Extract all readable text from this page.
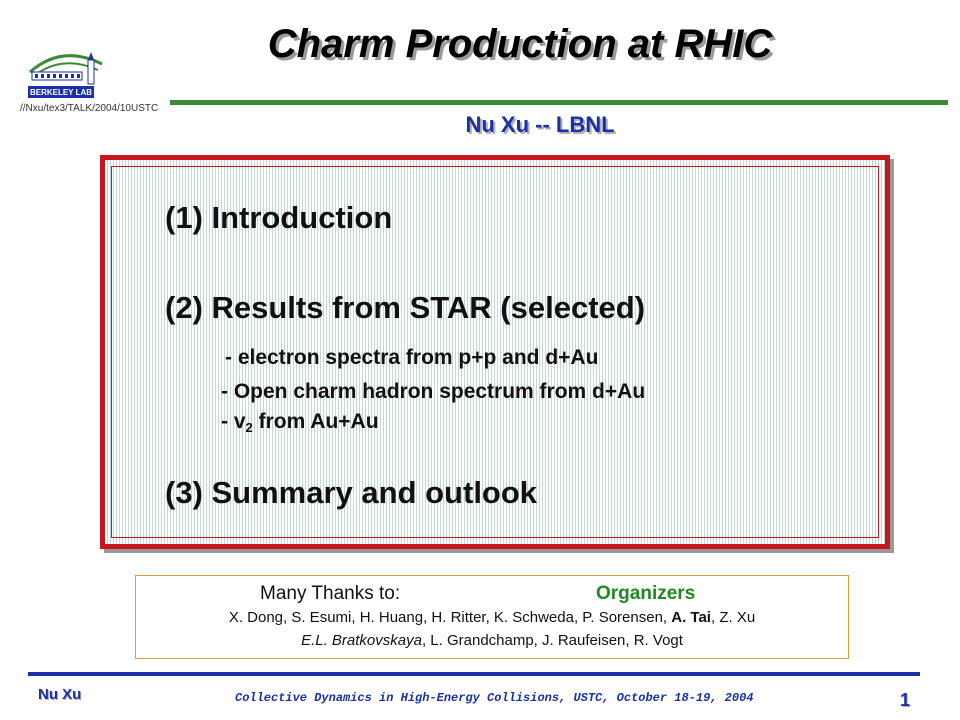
BERKELEY LAB
//Nxu/tex3/TALK/2004/10USTC
Charm Production at RHIC
Nu Xu -- LBNL
(1) Introduction
(2) Results from STAR (selected)
- electron spectra from p+p and d+Au
- Open charm hadron spectrum from d+Au
- $v_2$ from Au+Au
(3) Summary and outlook
Many Thanks to:	Organizers
X. Dong, S. Esumi, H. Huang, H. Ritter, K. Schweda, P. Sorensen, A. Tai, Z. Xu
E.L. Bratkovskaya, L. Grandchamp, J. Raufeisen, R. Vogt
Nu Xu	Collective Dynamics in High-Energy Collisions, USTC, October 18-19, 2004	1
